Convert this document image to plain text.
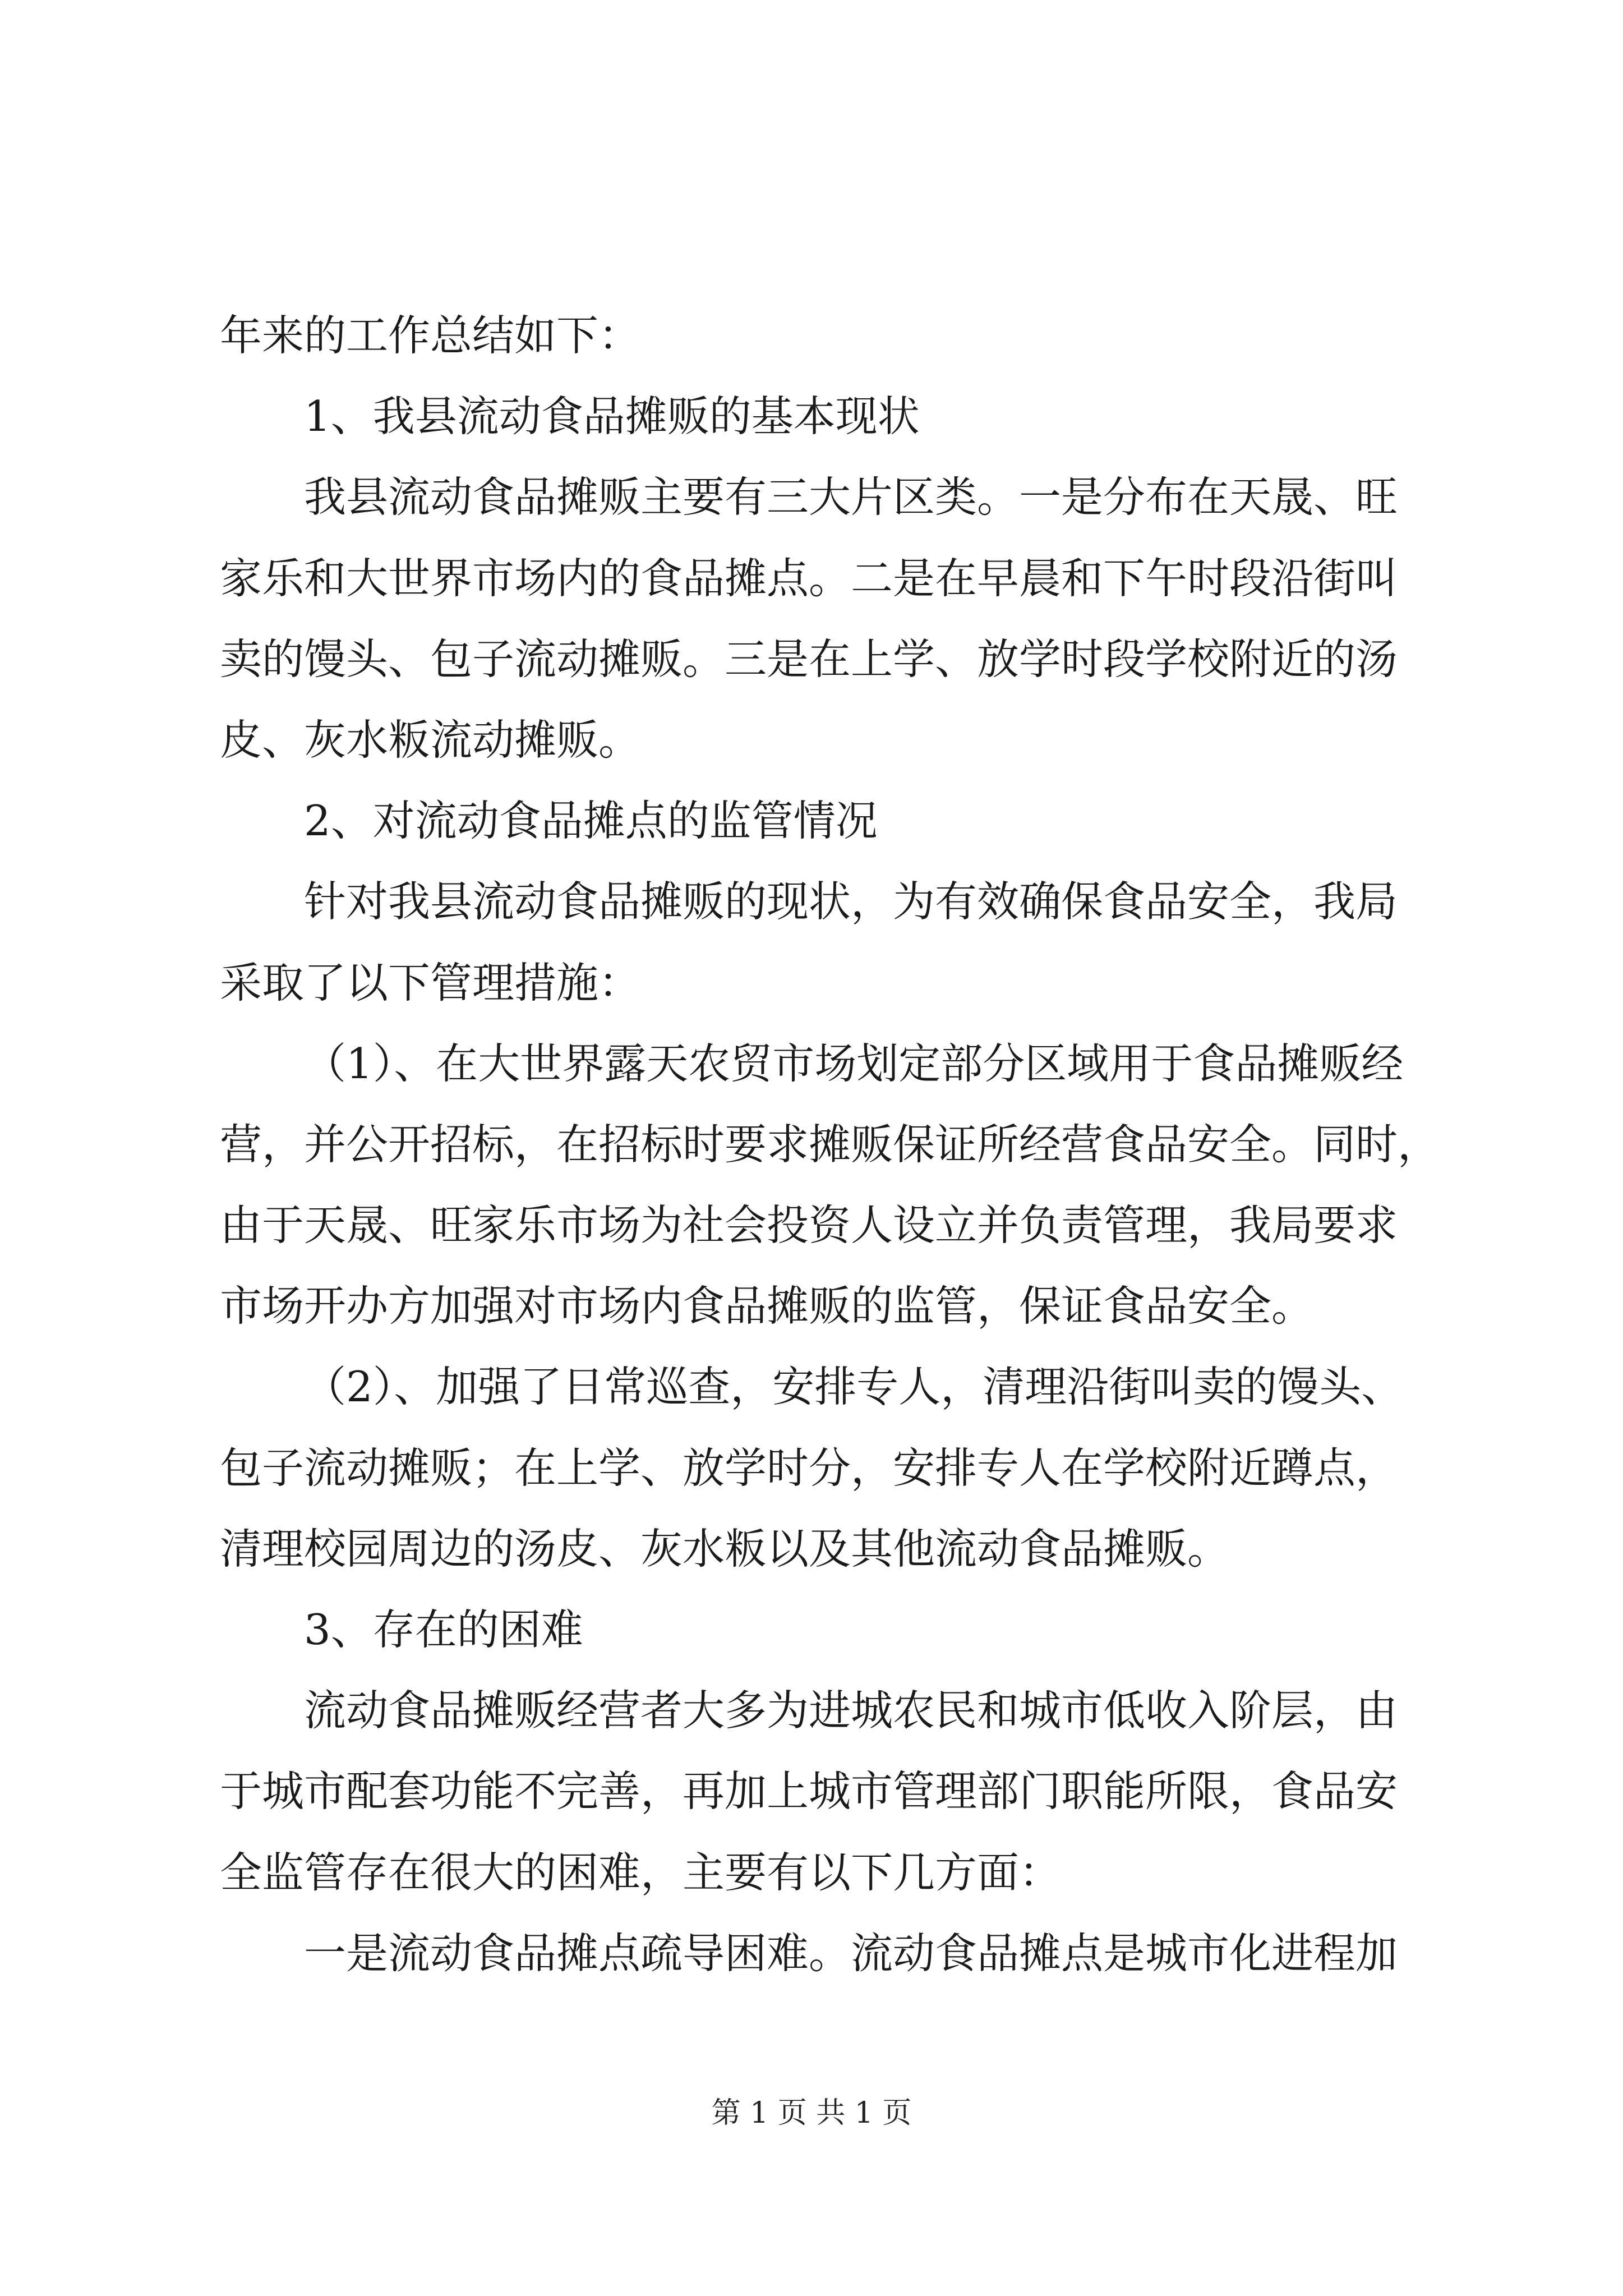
年来的工作总结如下：
1、我县流动食品摊贩的基本现状
我县流动食品摊贩主要有三大片区类。一是分布在天晟、旺
家乐和大世界市场内的食品摊点。二是在早晨和下午时段沿街叫
卖的馒头、包子流动摊贩。三是在上学、放学时段学校附近的汤
皮、灰水粄流动摊贩。
2、对流动食品摊点的监管情况
针对我县流动食品摊贩的现状，为有效确保食品安全，我局
采取了以下管理措施：
（1）、在大世界露天农贸市场划定部分区域用于食品摊贩经
营，并公开招标，在招标时要求摊贩保证所经营食品安全。同时，
由于天晟、旺家乐市场为社会投资人设立并负责管理，我局要求
市场开办方加强对市场内食品摊贩的监管，保证食品安全。
（2）、加强了日常巡查，安排专人，清理沿街叫卖的馒头、
包子流动摊贩；在上学、放学时分，安排专人在学校附近蹲点，
清理校园周边的汤皮、灰水粄以及其他流动食品摊贩。
3、存在的困难
流动食品摊贩经营者大多为进城农民和城市低收入阶层，由
于城市配套功能不完善，再加上城市管理部门职能所限，食品安
全监管存在很大的困难，主要有以下几方面：
一是流动食品摊点疏导困难。流动食品摊点是城市化进程加
第 1 页 共 1 页
